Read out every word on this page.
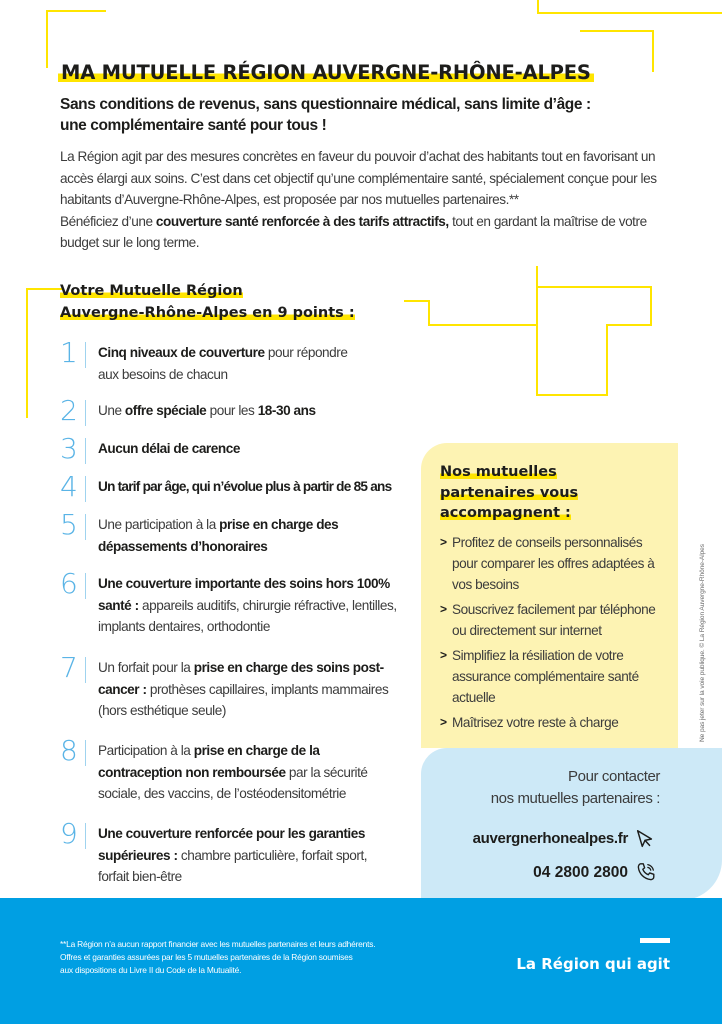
MA MUTUELLE RÉGION AUVERGNE-RHÔNE-ALPES
Sans conditions de revenus, sans questionnaire médical, sans limite d’âge :
une complémentaire santé pour tous !
La Région agit par des mesures concrètes en faveur du pouvoir d’achat des habitants tout en favorisant un accès élargi aux soins. C’est dans cet objectif qu’une complémentaire santé, spécialement conçue pour les habitants d’Auvergne-Rhône-Alpes, est proposée par nos mutuelles partenaires.**
Bénéficiez d’une couverture santé renforcée à des tarifs attractifs, tout en gardant la maîtrise de votre budget sur le long terme.
Votre Mutuelle Région
Auvergne-Rhône-Alpes en 9 points :
1	Cinq niveaux de couverture pour répondre aux besoins de chacun
2	Une offre spéciale pour les 18-30 ans
3	Aucun délai de carence
4	Un tarif par âge, qui n’évolue plus à partir de 85 ans
5	Une participation à la prise en charge des dépassements d’honoraires
6	Une couverture importante des soins hors 100% santé : appareils auditifs, chirurgie réfractive, lentilles, implants dentaires, orthodontie
7	Un forfait pour la prise en charge des soins post-cancer : prothèses capillaires, implants mammaires (hors esthétique seule)
8	Participation à la prise en charge de la contraception non remboursée par la sécurité sociale, des vaccins, de l’ostéodensitométrie
9	Une couverture renforcée pour les garanties supérieures : chambre particulière, forfait sport, forfait bien-être
Nos mutuelles
partenaires vous
accompagnent :
> Profitez de conseils personnalisés pour comparer les offres adaptées à vos besoins
> Souscrivez facilement par téléphone ou directement sur internet
> Simplifiez la résiliation de votre assurance complémentaire santé actuelle
> Maîtrisez votre reste à charge
Pour contacter
nos mutuelles partenaires :
auvergnerhonealpes.fr
04 2800 2800
Ne pas jeter sur la voie publique. © La Région Auvergne-Rhône-Alpes
**La Région n’a aucun rapport financier avec les mutuelles partenaires et leurs adhérents.
Offres et garanties assurées par les 5 mutuelles partenaires de la Région soumises
aux dispositions du Livre II du Code de la Mutualité.	La Région qui agit
